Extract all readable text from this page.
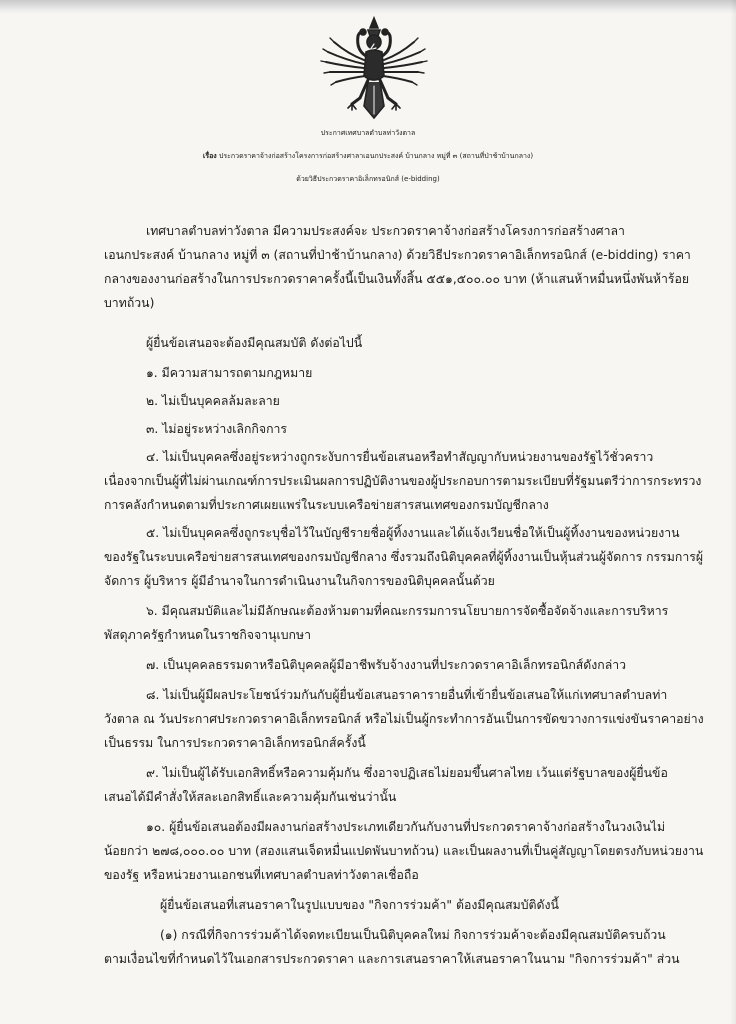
ประกาศเทศบาลตำบลท่าวังตาล
เรื่อง ประกวดราคาจ้างก่อสร้างโครงการก่อสร้างศาลาเอนกประสงค์ บ้านกลาง หมู่ที่ ๓ (สถานที่ป่าช้าบ้านกลาง)
ด้วยวิธีประกวดราคาอิเล็กทรอนิกส์ (e-bidding)
เทศบาลตำบลท่าวังตาล มีความประสงค์จะ ประกวดราคาจ้างก่อสร้างโครงการก่อสร้างศาลา
เอนกประสงค์ บ้านกลาง หมู่ที่ ๓ (สถานที่ป่าช้าบ้านกลาง) ด้วยวิธีประกวดราคาอิเล็กทรอนิกส์ (e-bidding) ราคา
กลางของงานก่อสร้างในการประกวดราคาครั้งนี้เป็นเงินทั้งสิ้น ๕๕๑,๕๐๐.๐๐ บาท (ห้าแสนห้าหมื่นหนึ่งพันห้าร้อย
บาทถ้วน)
ผู้ยื่นข้อเสนอจะต้องมีคุณสมบัติ ดังต่อไปนี้
๑. มีความสามารถตามกฎหมาย
๒. ไม่เป็นบุคคลล้มละลาย
๓. ไม่อยู่ระหว่างเลิกกิจการ
๔. ไม่เป็นบุคคลซึ่งอยู่ระหว่างถูกระงับการยื่นข้อเสนอหรือทำสัญญากับหน่วยงานของรัฐไว้ชั่วคราว
เนื่องจากเป็นผู้ที่ไม่ผ่านเกณฑ์การประเมินผลการปฏิบัติงานของผู้ประกอบการตามระเบียบที่รัฐมนตรีว่าการกระทรวง
การคลังกำหนดตามที่ประกาศเผยแพร่ในระบบเครือข่ายสารสนเทศของกรมบัญชีกลาง
๕. ไม่เป็นบุคคลซึ่งถูกระบุชื่อไว้ในบัญชีรายชื่อผู้ทิ้งงานและได้แจ้งเวียนชื่อให้เป็นผู้ทิ้งงานของหน่วยงาน
ของรัฐในระบบเครือข่ายสารสนเทศของกรมบัญชีกลาง ซึ่งรวมถึงนิติบุคคลที่ผู้ทิ้งงานเป็นหุ้นส่วนผู้จัดการ กรรมการผู้
จัดการ ผู้บริหาร ผู้มีอำนาจในการดำเนินงานในกิจการของนิติบุคคลนั้นด้วย
๖. มีคุณสมบัติและไม่มีลักษณะต้องห้ามตามที่คณะกรรมการนโยบายการจัดซื้อจัดจ้างและการบริหาร
พัสดุภาครัฐกำหนดในราชกิจจานุเบกษา
๗. เป็นบุคคลธรรมดาหรือนิติบุคคลผู้มีอาชีพรับจ้างงานที่ประกวดราคาอิเล็กทรอนิกส์ดังกล่าว
๘. ไม่เป็นผู้มีผลประโยชน์ร่วมกันกับผู้ยื่นข้อเสนอราคารายอื่นที่เข้ายื่นข้อเสนอให้แก่เทศบาลตำบลท่า
วังตาล ณ วันประกาศประกวดราคาอิเล็กทรอนิกส์ หรือไม่เป็นผู้กระทำการอันเป็นการขัดขวางการแข่งขันราคาอย่าง
เป็นธรรม ในการประกวดราคาอิเล็กทรอนิกส์ครั้งนี้
๙. ไม่เป็นผู้ได้รับเอกสิทธิ์หรือความคุ้มกัน ซึ่งอาจปฏิเสธไม่ยอมขึ้นศาลไทย เว้นแต่รัฐบาลของผู้ยื่นข้อ
เสนอได้มีคำสั่งให้สละเอกสิทธิ์และความคุ้มกันเช่นว่านั้น
๑๐. ผู้ยื่นข้อเสนอต้องมีผลงานก่อสร้างประเภทเดียวกันกับงานที่ประกวดราคาจ้างก่อสร้างในวงเงินไม่
น้อยกว่า ๒๗๘,๐๐๐.๐๐ บาท (สองแสนเจ็ดหมื่นแปดพันบาทถ้วน) และเป็นผลงานที่เป็นคู่สัญญาโดยตรงกับหน่วยงาน
ของรัฐ หรือหน่วยงานเอกชนที่เทศบาลตำบลท่าวังตาลเชื่อถือ
ผู้ยื่นข้อเสนอที่เสนอราคาในรูปแบบของ "กิจการร่วมค้า" ต้องมีคุณสมบัติดังนี้
(๑) กรณีที่กิจการร่วมค้าได้จดทะเบียนเป็นนิติบุคคลใหม่ กิจการร่วมค้าจะต้องมีคุณสมบัติครบถ้วน
ตามเงื่อนไขที่กำหนดไว้ในเอกสารประกวดราคา และการเสนอราคาให้เสนอราคาในนาม "กิจการร่วมค้า" ส่วน
